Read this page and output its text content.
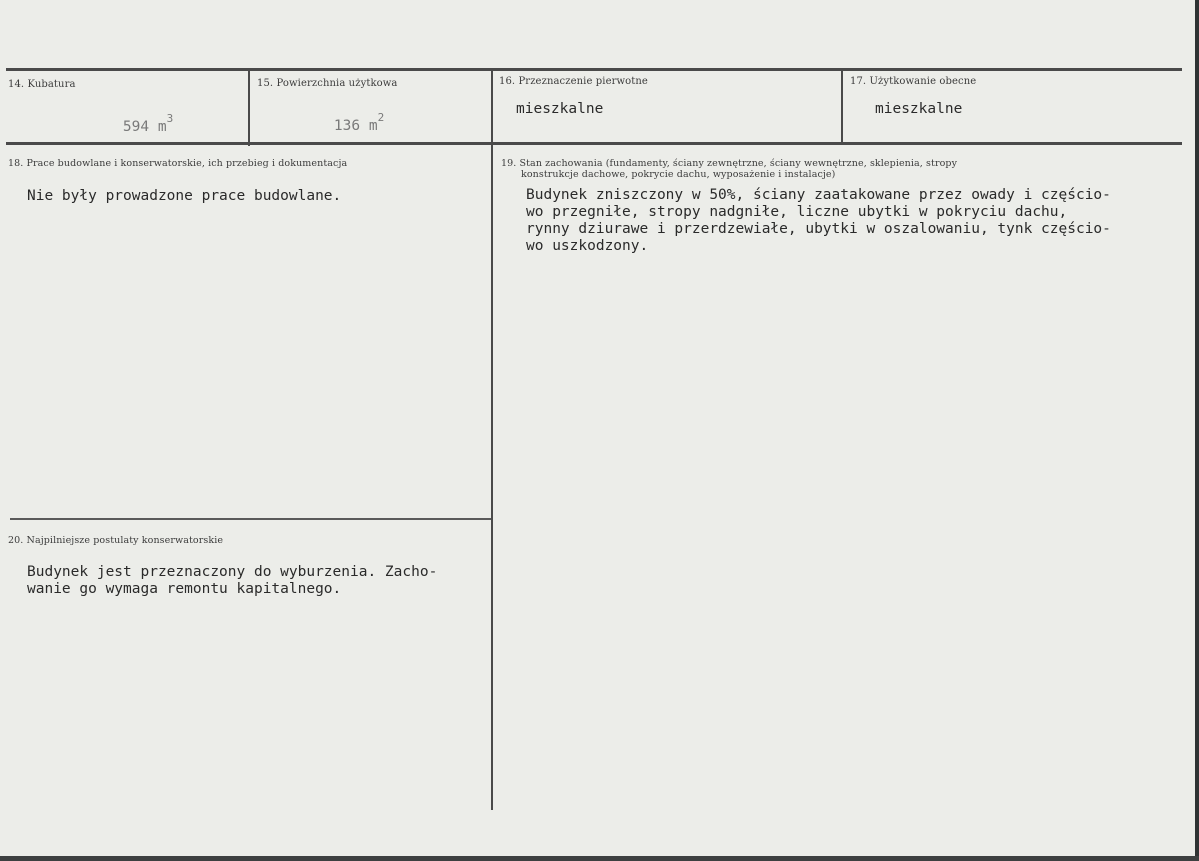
14. Kubatura

594 $m^3$

15. Powierzchnia użytkowa

136 $m^2$

16. Przeznaczenie pierwotne
mieszkalne
17. Użytkowanie obecne
mieszkalne
18. Prace budowlane i konserwatorskie, ich przebieg i dokumentacja
Nie były prowadzone prace budowlane.
19. Stan zachowania (fundamenty, ściany zewnętrzne, ściany wewnętrzne, sklepienia, stropy
konstrukcje dachowe, pokrycie dachu, wyposażenie i instalacje)
Budynek zniszczony w 50%, ściany zaatakowane przez owady i częścio-
wo przegniłe, stropy nadgniłe, liczne ubytki w pokryciu dachu,
rynny dziurawe i przerdzewiałe, ubytki w oszalowaniu, tynk częścio-
wo uszkodzony.
20. Najpilniejsze postulaty konserwatorskie
Budynek jest przeznaczony do wyburzenia. Zacho-
wanie go wymaga remontu kapitalnego.
